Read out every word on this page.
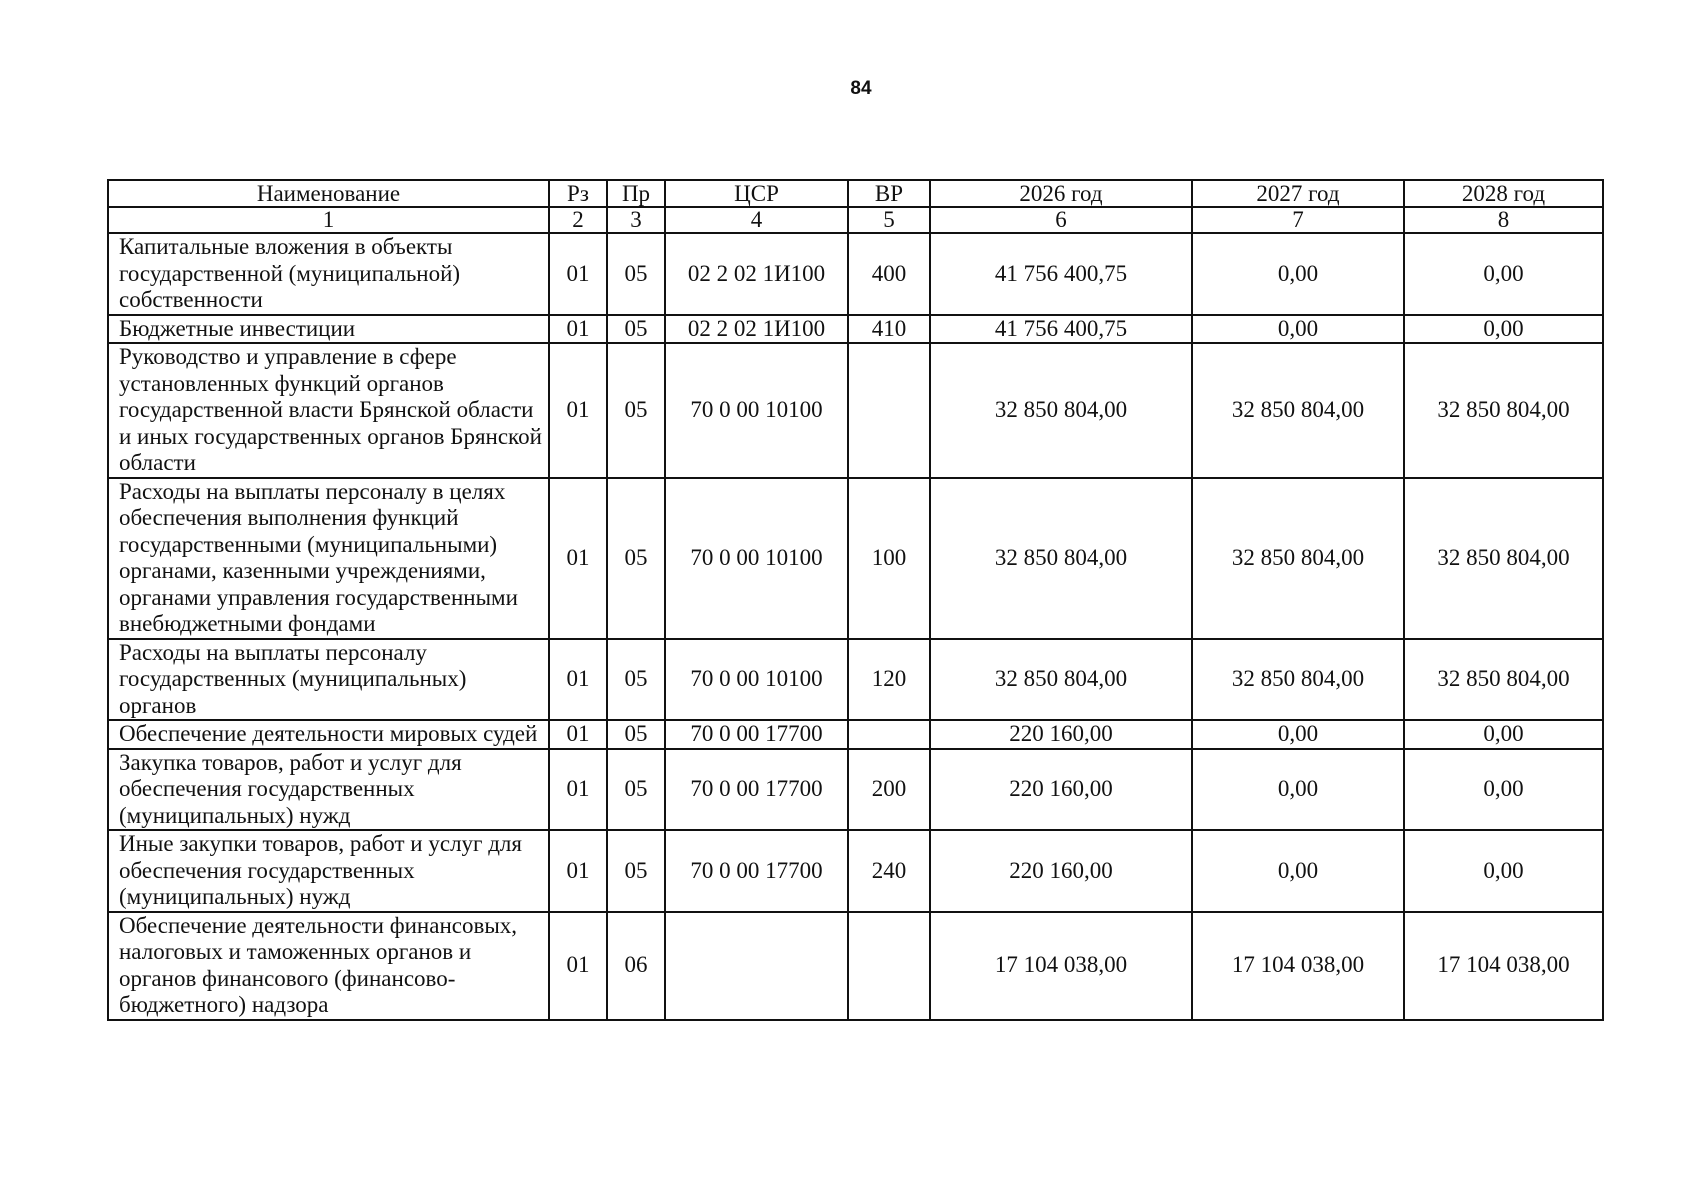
84
Наименование	Рз	Пр	ЦСР	ВР	2026 год	2027 год	2028 год
1	2	3	4	5	6	7	8
Капитальные вложения в объекты государственной (муниципальной) собственности	01	05	02 2 02 1И100	400	41 756 400,75	0,00	0,00
Бюджетные инвестиции	01	05	02 2 02 1И100	410	41 756 400,75	0,00	0,00
Руководство и управление в сфере установленных функций органов государственной власти Брянской области и иных государственных органов Брянской области	01	05	70 0 00 10100		32 850 804,00	32 850 804,00	32 850 804,00
Расходы на выплаты персоналу в целях обеспечения выполнения функций государственными (муниципальными) органами, казенными учреждениями, органами управления государственными внебюджетными фондами	01	05	70 0 00 10100	100	32 850 804,00	32 850 804,00	32 850 804,00
Расходы на выплаты персоналу государственных (муниципальных) органов	01	05	70 0 00 10100	120	32 850 804,00	32 850 804,00	32 850 804,00
Обеспечение деятельности мировых судей	01	05	70 0 00 17700		220 160,00	0,00	0,00
Закупка товаров, работ и услуг для обеспечения государственных (муниципальных) нужд	01	05	70 0 00 17700	200	220 160,00	0,00	0,00
Иные закупки товаров, работ и услуг для обеспечения государственных (муниципальных) нужд	01	05	70 0 00 17700	240	220 160,00	0,00	0,00
Обеспечение деятельности финансовых, налоговых и таможенных органов и органов финансового (финансово-бюджетного) надзора	01	06			17 104 038,00	17 104 038,00	17 104 038,00
